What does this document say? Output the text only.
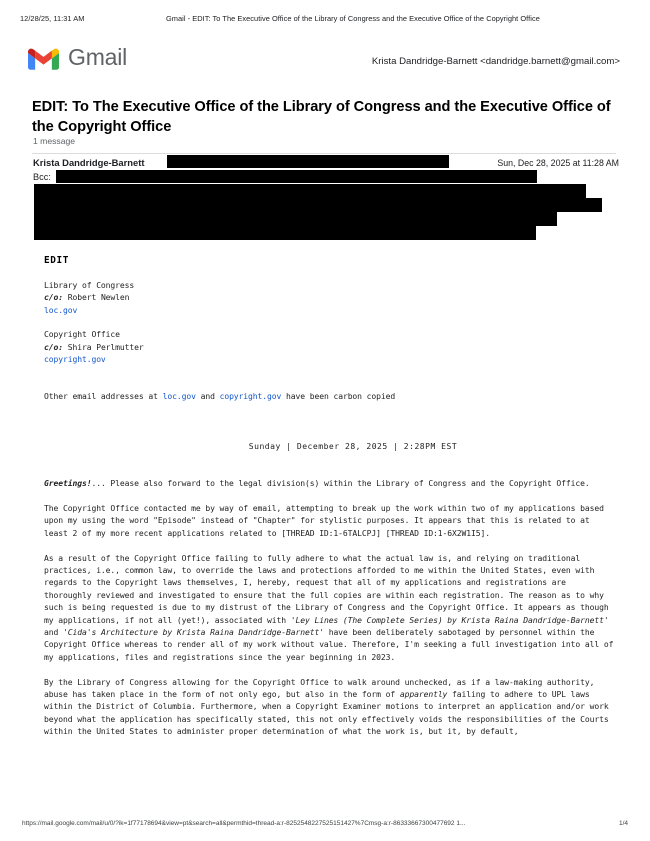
12/28/25, 11:31 AM	Gmail - EDIT: To The Executive Office of the Library of Congress and the Executive Office of the Copyright Office
Gmail	Krista Dandridge-Barnett <dandridge.barnett@gmail.com>
EDIT: To The Executive Office of the Library of Congress and the Executive Office of the Copyright Office
1 message
Krista Dandridge-Barnett	Sun, Dec 28, 2025 at 11:28 AM
Bcc:

EDIT

Library of Congress

c/o: Robert Newlen

loc.gov

Copyright Office

c/o: Shira Perlmutter

copyright.gov

Other email addresses at loc.gov and copyright.gov have been carbon copied

Sunday | December 28, 2025 | 2:28PM EST

Greetings!... Please also forward to the legal division(s) within the Library of Congress and the Copyright Office.

The Copyright Office contacted me by way of email, attempting to break up the work within two of my applications based upon my using the word "Episode" instead of "Chapter" for stylistic purposes. It appears that this is related to at least 2 of my more recent applications related to [THREAD ID:1-6TALCPJ] [THREAD ID:1-6X2W1I5].

As a result of the Copyright Office failing to fully adhere to what the actual law is, and relying on traditional practices, i.e., common law, to override the laws and protections afforded to me within the United States, even with regards to the Copyright laws themselves, I, hereby, request that all of my applications and registrations are thoroughly reviewed and investigated to ensure that the full copies are within each registration. The reason as to why such is being requested is due to my distrust of the Library of Congress and the Copyright Office. It appears as though my applications, if not all (yet!), associated with 'Ley Lines (The Complete Series) by Krista Raina Dandridge-Barnett' and 'Cida's Architecture by Krista Raina Dandridge-Barnett' have been deliberately sabotaged by personnel within the Copyright Office whereas to render all of my work without value. Therefore, I'm seeking a full investigation into all of my applications, files and registrations since the year beginning in 2023.

By the Library of Congress allowing for the Copyright Office to walk around unchecked, as if a law-making authority, abuse has taken place in the form of not only ego, but also in the form of apparently failing to adhere to UPL laws within the District of Columbia. Furthermore, when a Copyright Examiner motions to interpret an application and/or work beyond what the application has specifically stated, this not only effectively voids the responsibilities of the Courts within the United States to administer proper determination of what the work is, but it, by default,

https://mail.google.com/mail/u/0/?ik=1f77178694&view=pt&search=all&permthid=thread-a:r-8252548227525151427%7Cmsg-a:r-86333667300477692 1...	1/4
